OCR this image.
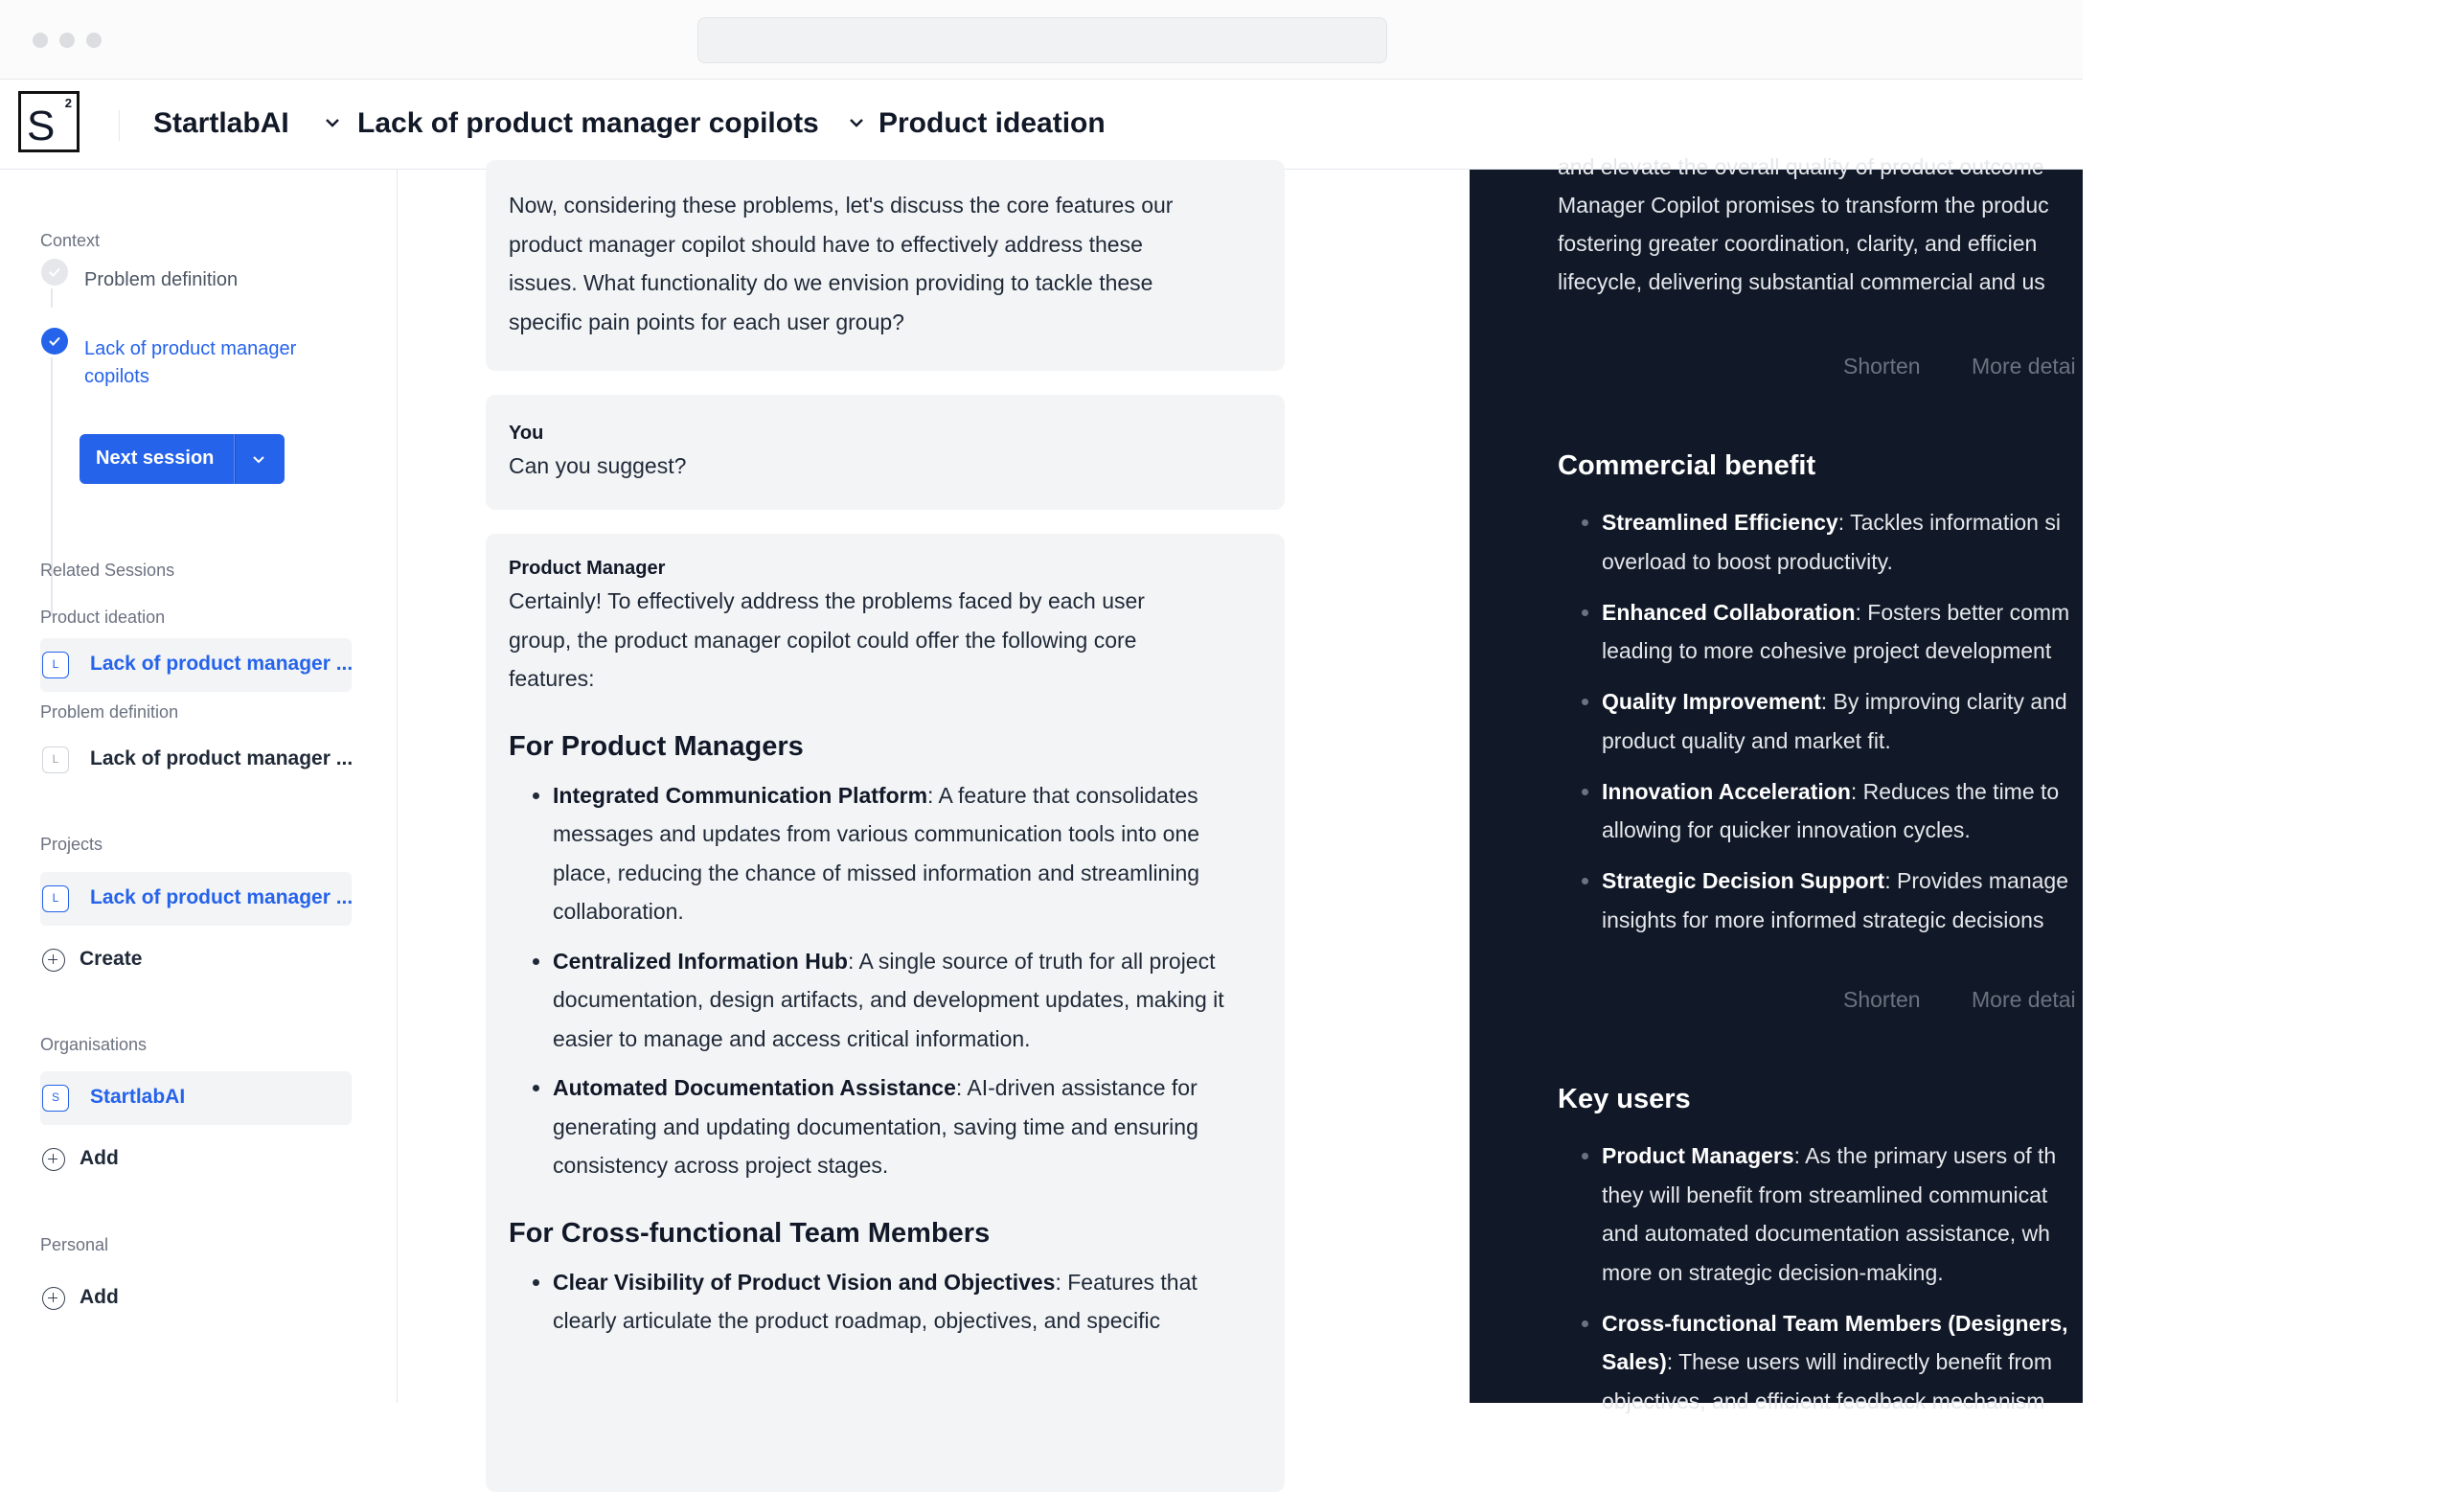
S 2
StartlabAI Lack of product manager copilots Product ideation
Context
Problem definition
Lack of product manager copilots
Next session
Related Sessions
Product ideation
L	Lack of product manager ...
Problem definition
L	Lack of product manager ...
Projects
L	Lack of product manager ...
Create
Organisations
S	StartlabAI
Add
Personal
Add

Now, considering these problems, let's discuss the core features our

product manager copilot should have to effectively address these

issues. What functionality do we envision providing to tackle these

specific pain points for each user group?

You

Can you suggest?

Product Manager

Certainly! To effectively address the problems faced by each user

group, the product manager copilot could offer the following core

features:

For Product Managers
• Integrated Communication Platform: A feature that consolidates messages and updates from various communication tools into one place, reducing the chance of missed information and streamlining collaboration.
• Centralized Information Hub: A single source of truth for all project documentation, design artifacts, and development updates, making it easier to manage and access critical information.
• Automated Documentation Assistance: AI-driven assistance for generating and updating documentation, saving time and ensuring consistency across project stages.
For Cross-functional Team Members
• Clear Visibility of Product Vision and Objectives: Features that clearly articulate the product roadmap, objectives, and specific
and elevate the overall quality of product outcome
Manager Copilot promises to transform the produc
fostering greater coordination, clarity, and efficien
lifecycle, delivering substantial commercial and us
Shorten More detai
Commercial benefit
• Streamlined Efficiency: Tackles information si
overload to boost productivity.
• Enhanced Collaboration: Fosters better comm
leading to more cohesive project development
• Quality Improvement: By improving clarity and
product quality and market fit.
• Innovation Acceleration: Reduces the time to
allowing for quicker innovation cycles.
• Strategic Decision Support: Provides manage
insights for more informed strategic decisions
Shorten More detai
Key users
• Product Managers: As the primary users of th
they will benefit from streamlined communicat
and automated documentation assistance, wh
more on strategic decision-making.
• Cross-functional Team Members (Designers,
Sales): These users will indirectly benefit from
objectives, and efficient feedback mechanism
